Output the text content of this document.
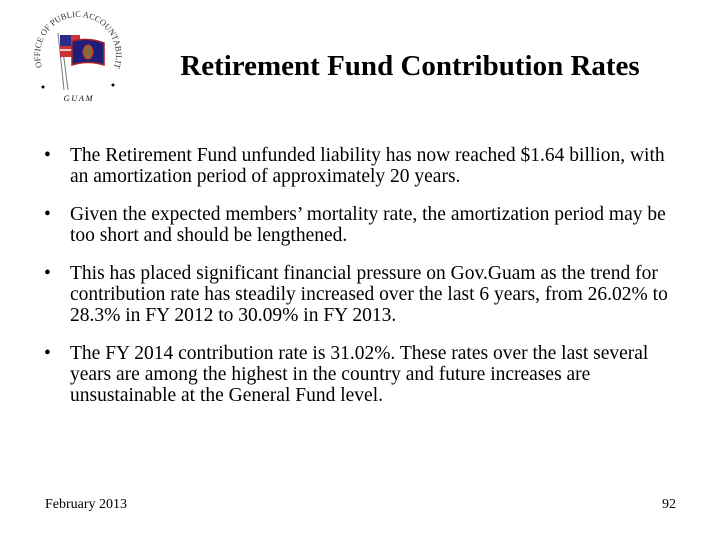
OFFICE OF PUBLIC ACCOUNTABILIT
G U A M
Retirement Fund Contribution Rates
• The Retirement Fund unfunded liability has now reached $1.64 billion, with an amortization period of approximately 20 years.
• Given the expected members’ mortality rate, the amortization period may be too short and should be lengthened.
• This has placed significant financial pressure on Gov.Guam as the trend for contribution rate has steadily increased over the last 6 years, from 26.02% to 28.3% in FY 2012 to 30.09% in FY 2013.
• The FY 2014 contribution rate is 31.02%. These rates over the last several years are among the highest in the country and future increases are unsustainable at the General Fund level.
February 2013	92
